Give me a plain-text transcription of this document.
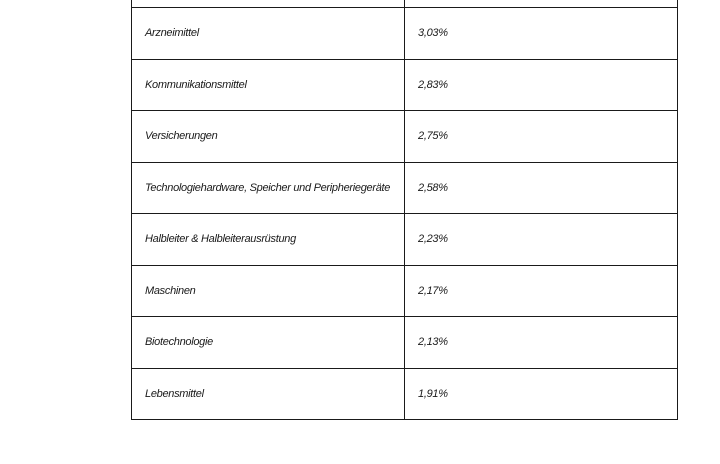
Arzneimittel	3,03%
Kommunikationsmittel	2,83%
Versicherungen	2,75%
Technologiehardware, Speicher und Peripheriegeräte	2,58%
Halbleiter & Halbleiterausrüstung	2,23%
Maschinen	2,17%
Biotechnologie	2,13%
Lebensmittel	1,91%
